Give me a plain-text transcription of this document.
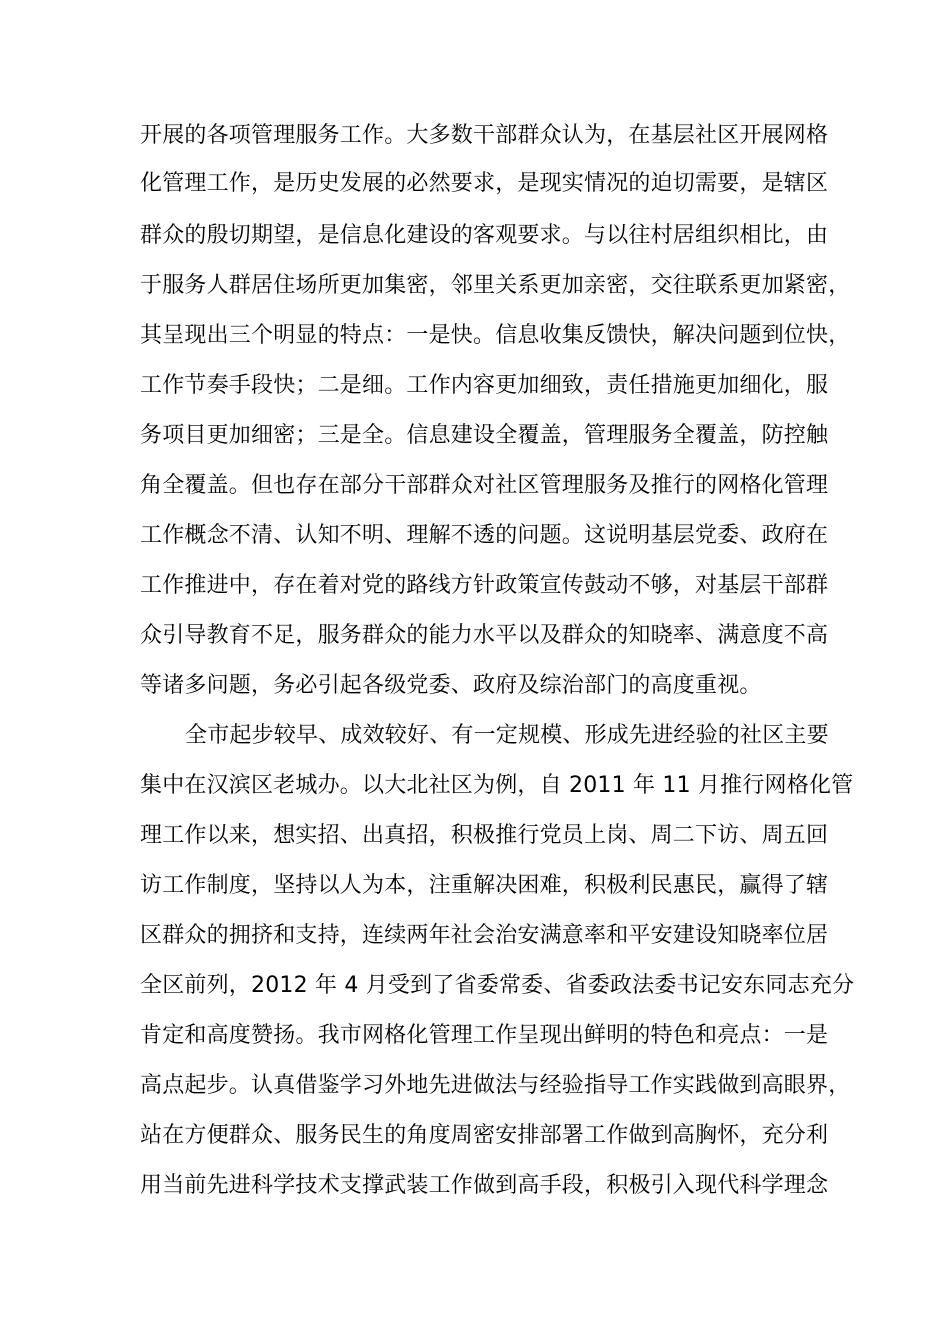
开展的各项管理服务工作。大多数干部群众认为，在基层社区开展网格
化管理工作，是历史发展的必然要求，是现实情况的迫切需要，是辖区
群众的殷切期望，是信息化建设的客观要求。与以往村居组织相比，由
于服务人群居住场所更加集密，邻里关系更加亲密，交往联系更加紧密，
其呈现出三个明显的特点：一是快。信息收集反馈快，解决问题到位快，
工作节奏手段快；二是细。工作内容更加细致，责任措施更加细化，服
务项目更加细密；三是全。信息建设全覆盖，管理服务全覆盖，防控触
角全覆盖。但也存在部分干部群众对社区管理服务及推行的网格化管理
工作概念不清、认知不明、理解不透的问题。这说明基层党委、政府在
工作推进中，存在着对党的路线方针政策宣传鼓动不够，对基层干部群
众引导教育不足，服务群众的能力水平以及群众的知晓率、满意度不高
等诸多问题，务必引起各级党委、政府及综治部门的高度重视。
全市起步较早、成效较好、有一定规模、形成先进经验的社区主要
集中在汉滨区老城办。以大北社区为例，自 2011 年 11 月推行网格化管
理工作以来，想实招、出真招，积极推行党员上岗、周二下访、周五回
访工作制度，坚持以人为本，注重解决困难，积极利民惠民，赢得了辖
区群众的拥挤和支持，连续两年社会治安满意率和平安建设知晓率位居
全区前列，2012 年 4 月受到了省委常委、省委政法委书记安东同志充分
肯定和高度赞扬。我市网格化管理工作呈现出鲜明的特色和亮点：一是
高点起步。认真借鉴学习外地先进做法与经验指导工作实践做到高眼界，
站在方便群众、服务民生的角度周密安排部署工作做到高胸怀，充分利
用当前先进科学技术支撑武装工作做到高手段，积极引入现代科学理念
